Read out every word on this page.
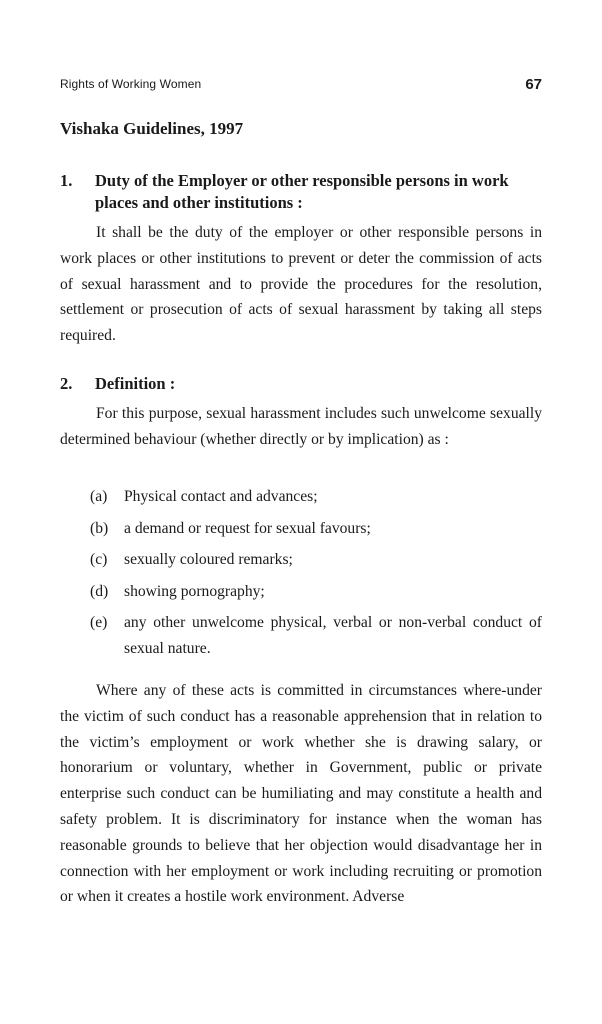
Rights of Working Women	67
Vishaka Guidelines, 1997
1. Duty of the Employer or other responsible persons in work places and other institutions :

It shall be the duty of the employer or other responsible persons in work places or other institutions to prevent or deter the commission of acts of sexual harassment and to provide the procedures for the resolution, settlement or prosecution of acts of sexual harassment by taking all steps required.

2. Definition :

For this purpose, sexual harassment includes such unwelcome sexually determined behaviour (whether directly or by implication) as :

(a) Physical contact and advances;
(b) a demand or request for sexual favours;
(c) sexually coloured remarks;
(d) showing pornography;
(e) any other unwelcome physical, verbal or non-verbal conduct of sexual nature.

Where any of these acts is committed in circumstances where-under the victim of such conduct has a reasonable apprehension that in relation to the victim’s employment or work whether she is drawing salary, or honorarium or voluntary, whether in Government, public or private enterprise such conduct can be humiliating and may constitute a health and safety problem. It is discriminatory for instance when the woman has reasonable grounds to believe that her objection would disadvantage her in connection with her employment or work including recruiting or promotion or when it creates a hostile work environment. Adverse
